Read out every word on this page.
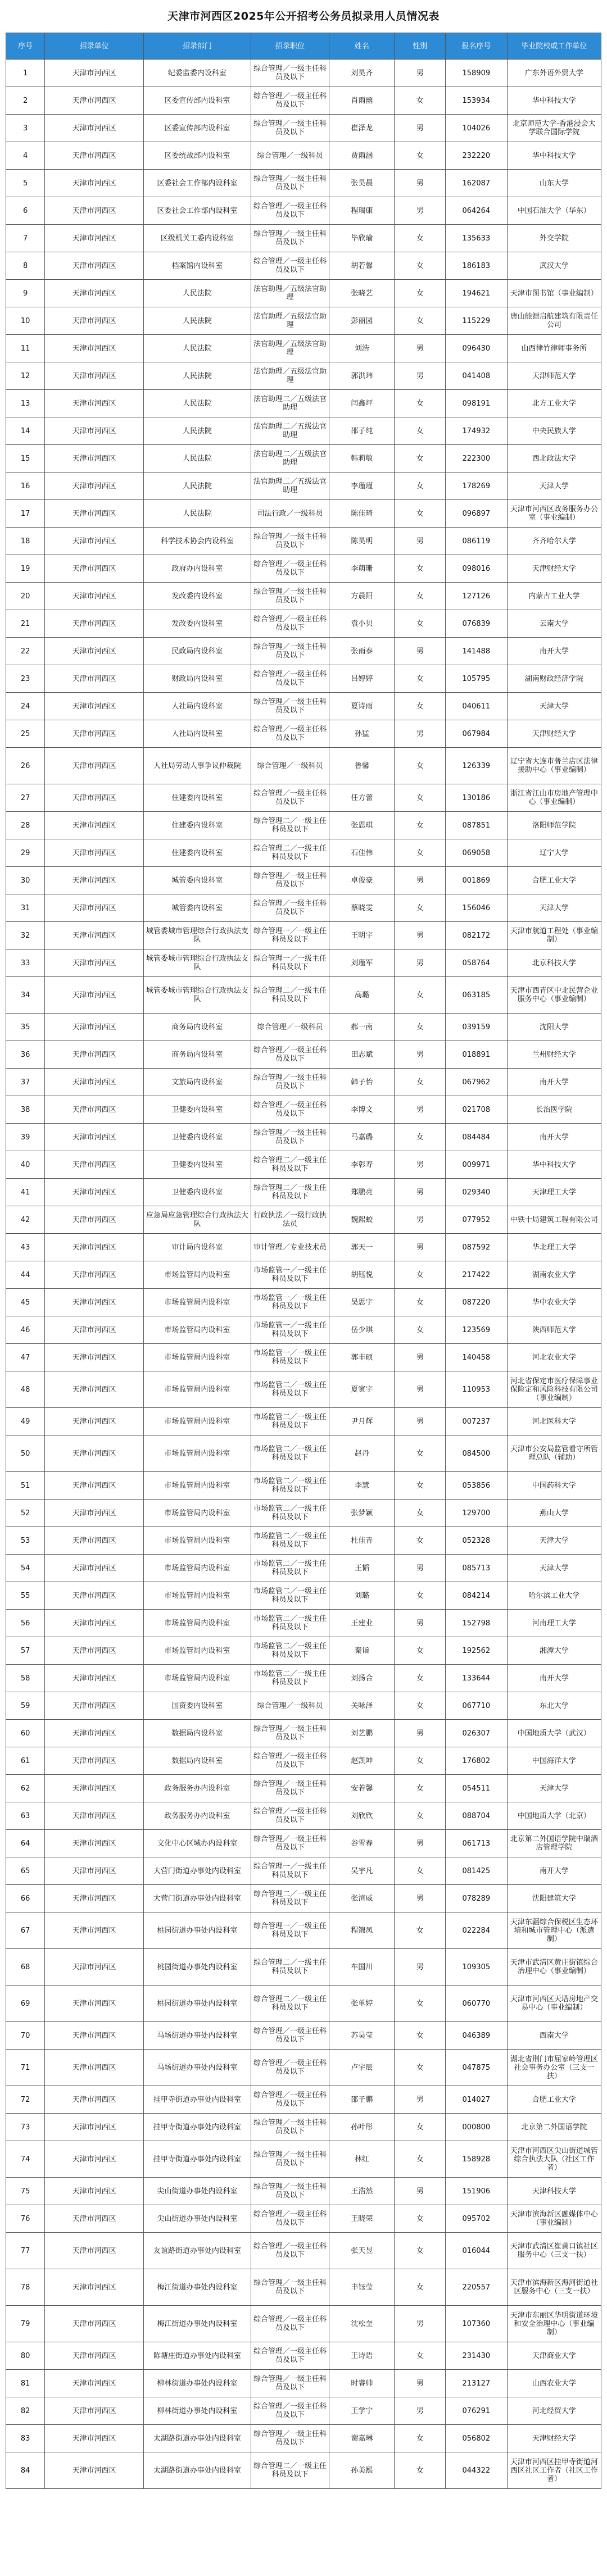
天津市河西区2025年公开招考公务员拟录用人员情况表
序号	招录单位	招录部门	招录职位	姓名	性别	报名序号	毕业院校或工作单位
1	天津市河西区	纪委监委内设科室	综合管理／一级主任科员及以下	刘昊齐	男	158909	广东外语外贸大学
2	天津市河西区	区委宣传部内设科室	综合管理／一级主任科员及以下	肖雨幽	女	153934	华中科技大学
3	天津市河西区	区委宣传部内设科室	综合管理／一级主任科员及以下	崔泽龙	男	104026	北京师范大学-香港浸会大学联合国际学院
4	天津市河西区	区委统战部内设科室	综合管理／一级科员	贾雨涵	女	232220	华中科技大学
5	天津市河西区	区委社会工作部内设科室	综合管理／一级主任科员及以下	张昊晨	男	162087	山东大学
6	天津市河西区	区委社会工作部内设科室	综合管理／一级主任科员及以下	程瑞康	男	064264	中国石油大学（华东）
7	天津市河西区	区级机关工委内设科室	综合管理／一级主任科员及以下	毕欣瑜	女	135633	外交学院
8	天津市河西区	档案馆内设科室	综合管理／一级主任科员及以下	胡若馨	女	186183	武汉大学
9	天津市河西区	人民法院	法官助理／五级法官助理	张晓艺	女	194621	天津市图书馆（事业编制）
10	天津市河西区	人民法院	法官助理／五级法官助理	彭丽园	女	115229	唐山能源启航建筑有限责任公司
11	天津市河西区	人民法院	法官助理／五级法官助理	刘浩	男	096430	山西律竹律师事务所
12	天津市河西区	人民法院	法官助理／五级法官助理	郭洪玮	男	041408	天津师范大学
13	天津市河西区	人民法院	法官助理二／五级法官助理	闫鑫坪	女	098191	北方工业大学
14	天津市河西区	人民法院	法官助理二／五级法官助理	邵子纯	女	174932	中央民族大学
15	天津市河西区	人民法院	法官助理二／五级法官助理	韩莉敏	女	222300	西北政法大学
16	天津市河西区	人民法院	法官助理二／五级法官助理	李瑾瑾	女	178269	天津大学
17	天津市河西区	人民法院	司法行政／一级科员	陈佳琦	女	096897	天津市河西区政务服务办公室（事业编制）
18	天津市河西区	科学技术协会内设科室	综合管理／一级主任科员及以下	陈昊明	男	086119	齐齐哈尔大学
19	天津市河西区	政府办内设科室	综合管理／一级主任科员及以下	李萌珊	女	098016	天津财经大学
20	天津市河西区	发改委内设科室	综合管理／一级主任科员及以下	方晨阳	女	127126	内蒙古工业大学
21	天津市河西区	发改委内设科室	综合管理／一级主任科员及以下	袁小贝	女	076839	云南大学
22	天津市河西区	民政局内设科室	综合管理／一级主任科员及以下	张雨泰	男	141488	南开大学
23	天津市河西区	财政局内设科室	综合管理／一级主任科员及以下	吕婷婷	女	105795	湖南财政经济学院
24	天津市河西区	人社局内设科室	综合管理／一级主任科员及以下	夏诗雨	女	040611	天津大学
25	天津市河西区	人社局内设科室	综合管理／一级主任科员及以下	孙猛	男	067984	天津财经大学
26	天津市河西区	人社局劳动人事争议仲裁院	综合管理／一级科员	鲁馨	女	126339	辽宁省大连市普兰店区法律援助中心（事业编制）
27	天津市河西区	住建委内设科室	综合管理／一级主任科员及以下	任方蕾	女	130186	浙江省江山市房地产管理中心（事业编制）
28	天津市河西区	住建委内设科室	综合管理二／一级主任科员及以下	张恩琪	女	087851	洛阳师范学院
29	天津市河西区	住建委内设科室	综合管理二／一级主任科员及以下	石佳伟	女	069058	辽宁大学
30	天津市河西区	城管委内设科室	综合管理／一级主任科员及以下	卓俊豪	男	001869	合肥工业大学
31	天津市河西区	城管委内设科室	综合管理／一级主任科员及以下	蔡晓雯	女	156046	天津大学
32	天津市河西区	城管委城市管理综合行政执法支队	综合管理一／一级主任科员及以下	王明宇	男	082172	天津市航道工程处（事业编制）
33	天津市河西区	城管委城市管理综合行政执法支队	综合管理一／一级主任科员及以下	刘瑾军	男	058764	北京科技大学
34	天津市河西区	城管委城市管理综合行政执法支队	综合管理二／一级主任科员及以下	高璐	女	063185	天津市西青区中北民营企业服务中心（事业编制）
35	天津市河西区	商务局内设科室	综合管理／一级科员	郝一南	女	039159	沈阳大学
36	天津市河西区	商务局内设科室	综合管理／一级主任科员及以下	田志斌	男	018891	兰州财经大学
37	天津市河西区	文旅局内设科室	综合管理／一级主任科员及以下	韩子怡	女	067962	南开大学
38	天津市河西区	卫健委内设科室	综合管理／一级主任科员及以下	李博文	男	021708	长治医学院
39	天津市河西区	卫健委内设科室	综合管理／一级主任科员及以下	马嘉璐	女	084484	南开大学
40	天津市河西区	卫健委内设科室	综合管理二／一级主任科员及以下	李彰寿	男	009971	华中科技大学
41	天津市河西区	卫健委内设科室	综合管理二／一级主任科员及以下	郑鹏亮	男	029340	天津理工大学
42	天津市河西区	应急局应急管理综合行政执法大队	行政执法／一级行政执法员	魏熙蛟	男	077952	中铁十局建筑工程有限公司
43	天津市河西区	审计局内设科室	审计管理／专业技术员	郭天一	男	087592	华北理工大学
44	天津市河西区	市场监管局内设科室	市场监管一／一级主任科员及以下	胡钰悦	女	217422	湖南农业大学
45	天津市河西区	市场监管局内设科室	市场监管一／一级主任科员及以下	吴思宇	女	087220	华中农业大学
46	天津市河西区	市场监管局内设科室	市场监管一／一级主任科员及以下	岳少琪	女	123569	陕西师范大学
47	天津市河西区	市场监管局内设科室	市场监管一／一级主任科员及以下	郭丰硕	男	140458	河北农业大学
48	天津市河西区	市场监管局内设科室	市场监管二／一级主任科员及以下	夏寅宇	男	110953	河北省保定市医疗保障事业保险定和风险科技有限公司（事业编制）
49	天津市河西区	市场监管局内设科室	市场监管二／一级主任科员及以下	尹月辉	男	007237	河北医科大学
50	天津市河西区	市场监管局内设科室	市场监管二／一级主任科员及以下	赵丹	女	084500	天津市公安局监管看守所管理总队（辅助）
51	天津市河西区	市场监管局内设科室	市场监管二／一级主任科员及以下	李慧	女	053856	中国药科大学
52	天津市河西区	市场监管局内设科室	市场监管二／一级主任科员及以下	张梦颖	女	129700	燕山大学
53	天津市河西区	市场监管局内设科室	市场监管二／一级主任科员及以下	杜佳青	女	052328	天津大学
54	天津市河西区	市场监管局内设科室	市场监管二／一级主任科员及以下	王韬	男	085713	天津大学
55	天津市河西区	市场监管局内设科室	市场监管二／一级主任科员及以下	刘璐	女	084214	哈尔滨工业大学
56	天津市河西区	市场监管局内设科室	市场监管二／一级主任科员及以下	王建业	男	152798	河南理工大学
57	天津市河西区	市场监管局内设科室	市场监管二／一级主任科员及以下	秦诣	女	192562	湘潭大学
58	天津市河西区	市场监管局内设科室	市场监管二／一级主任科员及以下	刘扬合	女	133644	南开大学
59	天津市河西区	国资委内设科室	综合管理／一级科员	关咏泽	女	067710	东北大学
60	天津市河西区	数据局内设科室	综合管理／一级主任科员及以下	刘艺鹏	男	026307	中国地质大学（武汉）
61	天津市河西区	数据局内设科室	综合管理／一级主任科员及以下	赵凯坤	女	176802	中国海洋大学
62	天津市河西区	政务服务办内设科室	综合管理／一级主任科员及以下	安若馨	女	054511	天津大学
63	天津市河西区	政务服务办内设科室	综合管理／一级主任科员及以下	刘欣欣	女	088704	中国地质大学（北京）
64	天津市河西区	文化中心区域办内设科室	综合管理／一级主任科员及以下	谷雪春	男	061713	北京第二外国语学院中瑞酒店管理学院
65	天津市河西区	大营门街道办事处内设科室	综合管理一／一级主任科员及以下	吴宇凡	女	081425	南开大学
66	天津市河西区	大营门街道办事处内设科室	综合管理二／一级主任科员及以下	张渲威	男	078289	沈阳建筑大学
67	天津市河西区	桃园街道办事处内设科室	综合管理一／一级主任科员及以下	程锦凤	女	022284	天津东疆综合保税区生态环境和城市管理中心（派遣制）
68	天津市河西区	桃园街道办事处内设科室	综合管理二／一级主任科员及以下	车国川	男	109305	天津市武清区黄庄街镇综合治理中心（事业编制）
69	天津市河西区	桃园街道办事处内设科室	综合管理二／一级主任科员及以下	张单婷	女	060770	天津市河西区天塔房地产交易中心（事业编制）
70	天津市河西区	马场街道办事处内设科室	综合管理／一级主任科员及以下	苏昊莹	女	046389	西南大学
71	天津市河西区	马场街道办事处内设科室	综合管理／一级主任科员及以下	卢宇辰	女	047875	湖北省荆门市屈家岭管理区社会事务办公室（三支一扶）
72	天津市河西区	挂甲寺街道办事处内设科室	综合管理／一级主任科员及以下	邵子鹏	男	014027	合肥工业大学
73	天津市河西区	挂甲寺街道办事处内设科室	综合管理／一级主任科员及以下	孙叶彤	女	000800	北京第二外国语学院
74	天津市河西区	挂甲寺街道办事处内设科室	综合管理／一级主任科员及以下	林红	女	158928	天津市河西区尖山街道城管综合执法大队（社区工作者）
75	天津市河西区	尖山街道办事处内设科室	综合管理／一级主任科员及以下	王浩然	男	151906	天津科技大学
76	天津市河西区	尖山街道办事处内设科室	综合管理／一级主任科员及以下	王晓荣	女	095702	天津市滨海新区融媒体中心（事业编制）
77	天津市河西区	友谊路街道办事处内设科室	综合管理／一级主任科员及以下	张天昱	女	016044	天津市武清区崔黄口镇社区服务中心（三支一扶）
78	天津市河西区	梅江街道办事处内设科室	综合管理／一级主任科员及以下	丰钰莹	女	220557	天津市滨海新区海河街道社区服务中心（三支一扶）
79	天津市河西区	梅江街道办事处内设科室	综合管理／一级主任科员及以下	沈松奎	男	107360	天津市东丽区华明街道环境和安全治理中心（事业编制）
80	天津市河西区	陈塘庄街道办事处内设科室	综合管理／一级主任科员及以下	王诗语	女	231430	天津商业大学
81	天津市河西区	柳林街道办事处内设科室	综合管理／一级主任科员及以下	时睿帅	男	213127	山西农业大学
82	天津市河西区	柳林街道办事处内设科室	综合管理／一级主任科员及以下	王学宁	男	076291	河北经贸大学
83	天津市河西区	太湖路街道办事处内设科室	综合管理／一级主任科员及以下	谢嘉琳	女	056802	天津财经大学
84	天津市河西区	太湖路街道办事处内设科室	综合管理二／一级主任科员及以下	孙美熙	女	044322	天津市河西区挂甲寺街道河西区社区工作者（社区工作者）
